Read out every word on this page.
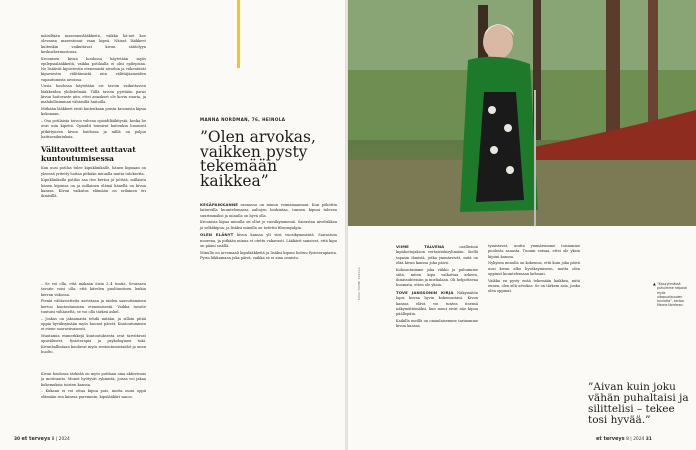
mäisiltään masennuslääkkeitä, vaikka hä-net koe olevansa masentunut vaan kipeä. Näissä lääkkeet kuitenkin vaikuttavat kivun säätelyyn keskushermostossa.

Kroonisen kivun hoidossa käytetään myös epilepsialääkkeitä, vaikka potilaalla ei olisi epilepsiaa. Ne lisäävät kipuviestin etenemistä aivoihin ja vähentävät kipuviestin välittämistä niin välittäjäaineiden vapautumista aivoissa.

Uusia hoidossa käytetään eri tavoin vaikuttavien lääkkeiden yhdistelmää. Tällä tavoin pyritään paras kivun hoitovaste niin, ettei annokset ole kovin suuria, ja mahdollisimman vähäisillä haitoilla.

Mitkään lääkkeet eivät kuitenkaan poista kroonista kipua kokonaan.

– Osa potilaista toivoo vahvaa opioidilääkitystä, koska he ovat niin kipeitä. Opioidit toimivat kuitenkin huonosti pitkittyneen kivun hoidossa ja niillä on paljon haittavaikutuksia.

Välitavoitteet auttavat kuntoutumisessa

Kun uusi potilas tulee kipuklinikalle, hänen kipuaan on yleensä yritetty hoitaa pitkään muualla mutta tuloksetta.

Kipuklinikalla potilas saa itse kertoa ja pöttää, millaista hänen kipunsa on ja millainen elämä hänellä on kivun kanssa. Kivun vaikutus elämään on erilainen eri ihmisillä.

– Se voi olla, että makaan öisin 3–4 tuntia. Seuraava tavoite voisi olla, että kävelen puolituntisen lenkin kerran viikossa.

Pieniä välitavoitteita asetetaan ja niiden saavuttaminen kertoo kuntoutumisen etenemisestä. Vaikka tavoite tuntuisi vähäiseltä, se voi olla tärkeä askel.

– Joskus on jaksamatta tehdä mitään, ja silloin pitää oppia hyväksymään myös huonot päivät. Kuntoutuminen ei etene suoraviivaisesti.

Muutamia esimerkkejä kuntoutuksesta ovat tarvittavat apuvälineet, fysioterapia ja psykologinen tuki. Kivunhallintaan kuuluvat myös rentoutumistaidot ja unen huolto.

Kivun hoidossa tärkeää on myös potilaan oma aktiivisuus ja motivaatio. Monet hyötyvät ryhmistä, joissa voi jakaa kokemuksia toisten kanssa.

– Kukaan ei voi ottaa kipua pois, mutta moni oppii elämään sen kanssa paremmin, kipulääkäri sanoo.

MANNA NORDMAN, 76, HEINOLA
”Olen arvokas, vaikken pysty tekemään kaikkea”

KESÄPAIKKANNE rannassa on minun voimamaamani. Kun pöhöttin laitureilla kuuntelemassa aaltojen loiskintaa, tunnen kipuni tulevan suurimmaksi ja minulla on hyvä olla.

Kroonista kipua minulla on ollut jo vuosikymmeniä. Sairastan nivelrikkoa ja selkäkipua, ja lisäksi minulla on todettu fibromyalgia.

OLEN ELÄNYT kivun kanssa yli viisi vuosikymmentä. Sairastuin nuorena, ja pitkään minua ei otettu vakavasti. Lääkärit sanoivat, että kipu on pääni sisällä.

Minulla on arvomaali kipulääkkeitä ja lisäksi kipuni hoituu fysioterapiasta. Pyrin liikkumaan joka päivä, vaikka se ei aina onnistu.

30 et terveys 8 | 2024

VIIME TALVENA	osallistuin kipuhoitojakson vertaistukiryhmään. Siellä tapasin ihmisiä, jotka ymmärsivät, mitä on elää kivun kanssa joka päivä.

Kokoontuimme joka viikko ja puhuimme siitä, miten kipu vaikuttaa arkeen, ihmissuhteisiin ja mielialaan. Oli helpottavaa huomata, etten ole yksin.

TOVE JANSSONIN KIRJA Näkymätön lapsi kuvaa hyvin kokemustani. Kivun kanssa elävä voi tuntea itsensä näkymättömäksi, kun muut eivät näe kipua päällepäin.

Kaikilla meillä on omanlaisemme tarinamme kivun kanssa.

tymistavat, mutta ymmärsimme toisiamme puolesta sanasta. Tunnin vatsaa, ettei ole yksin kipuni kanssa.

Nykyisin minulla on kokemus, että kuin joka päivä uusi kivun alku hyväksymiseen, mutta olen oppinut kuuntelemaan kehoani.

Vaikka en pysty enää tekemään kaikkea, mitä ennen, olen silti arvokas. Se on tärkein asia, jonka olen oppinut.

KUVA TOMMI SAVOLA	▲ ”Kipuryhmässä puhuimme helposti myös ulkopuolisuuden tunnetta”, kertoo Manna Nordman.
”Aivan kuin joku vähän puhaltaisi ja silittelisi – tekee tosi hyvää.”
et terveys 8 | 2024 31
